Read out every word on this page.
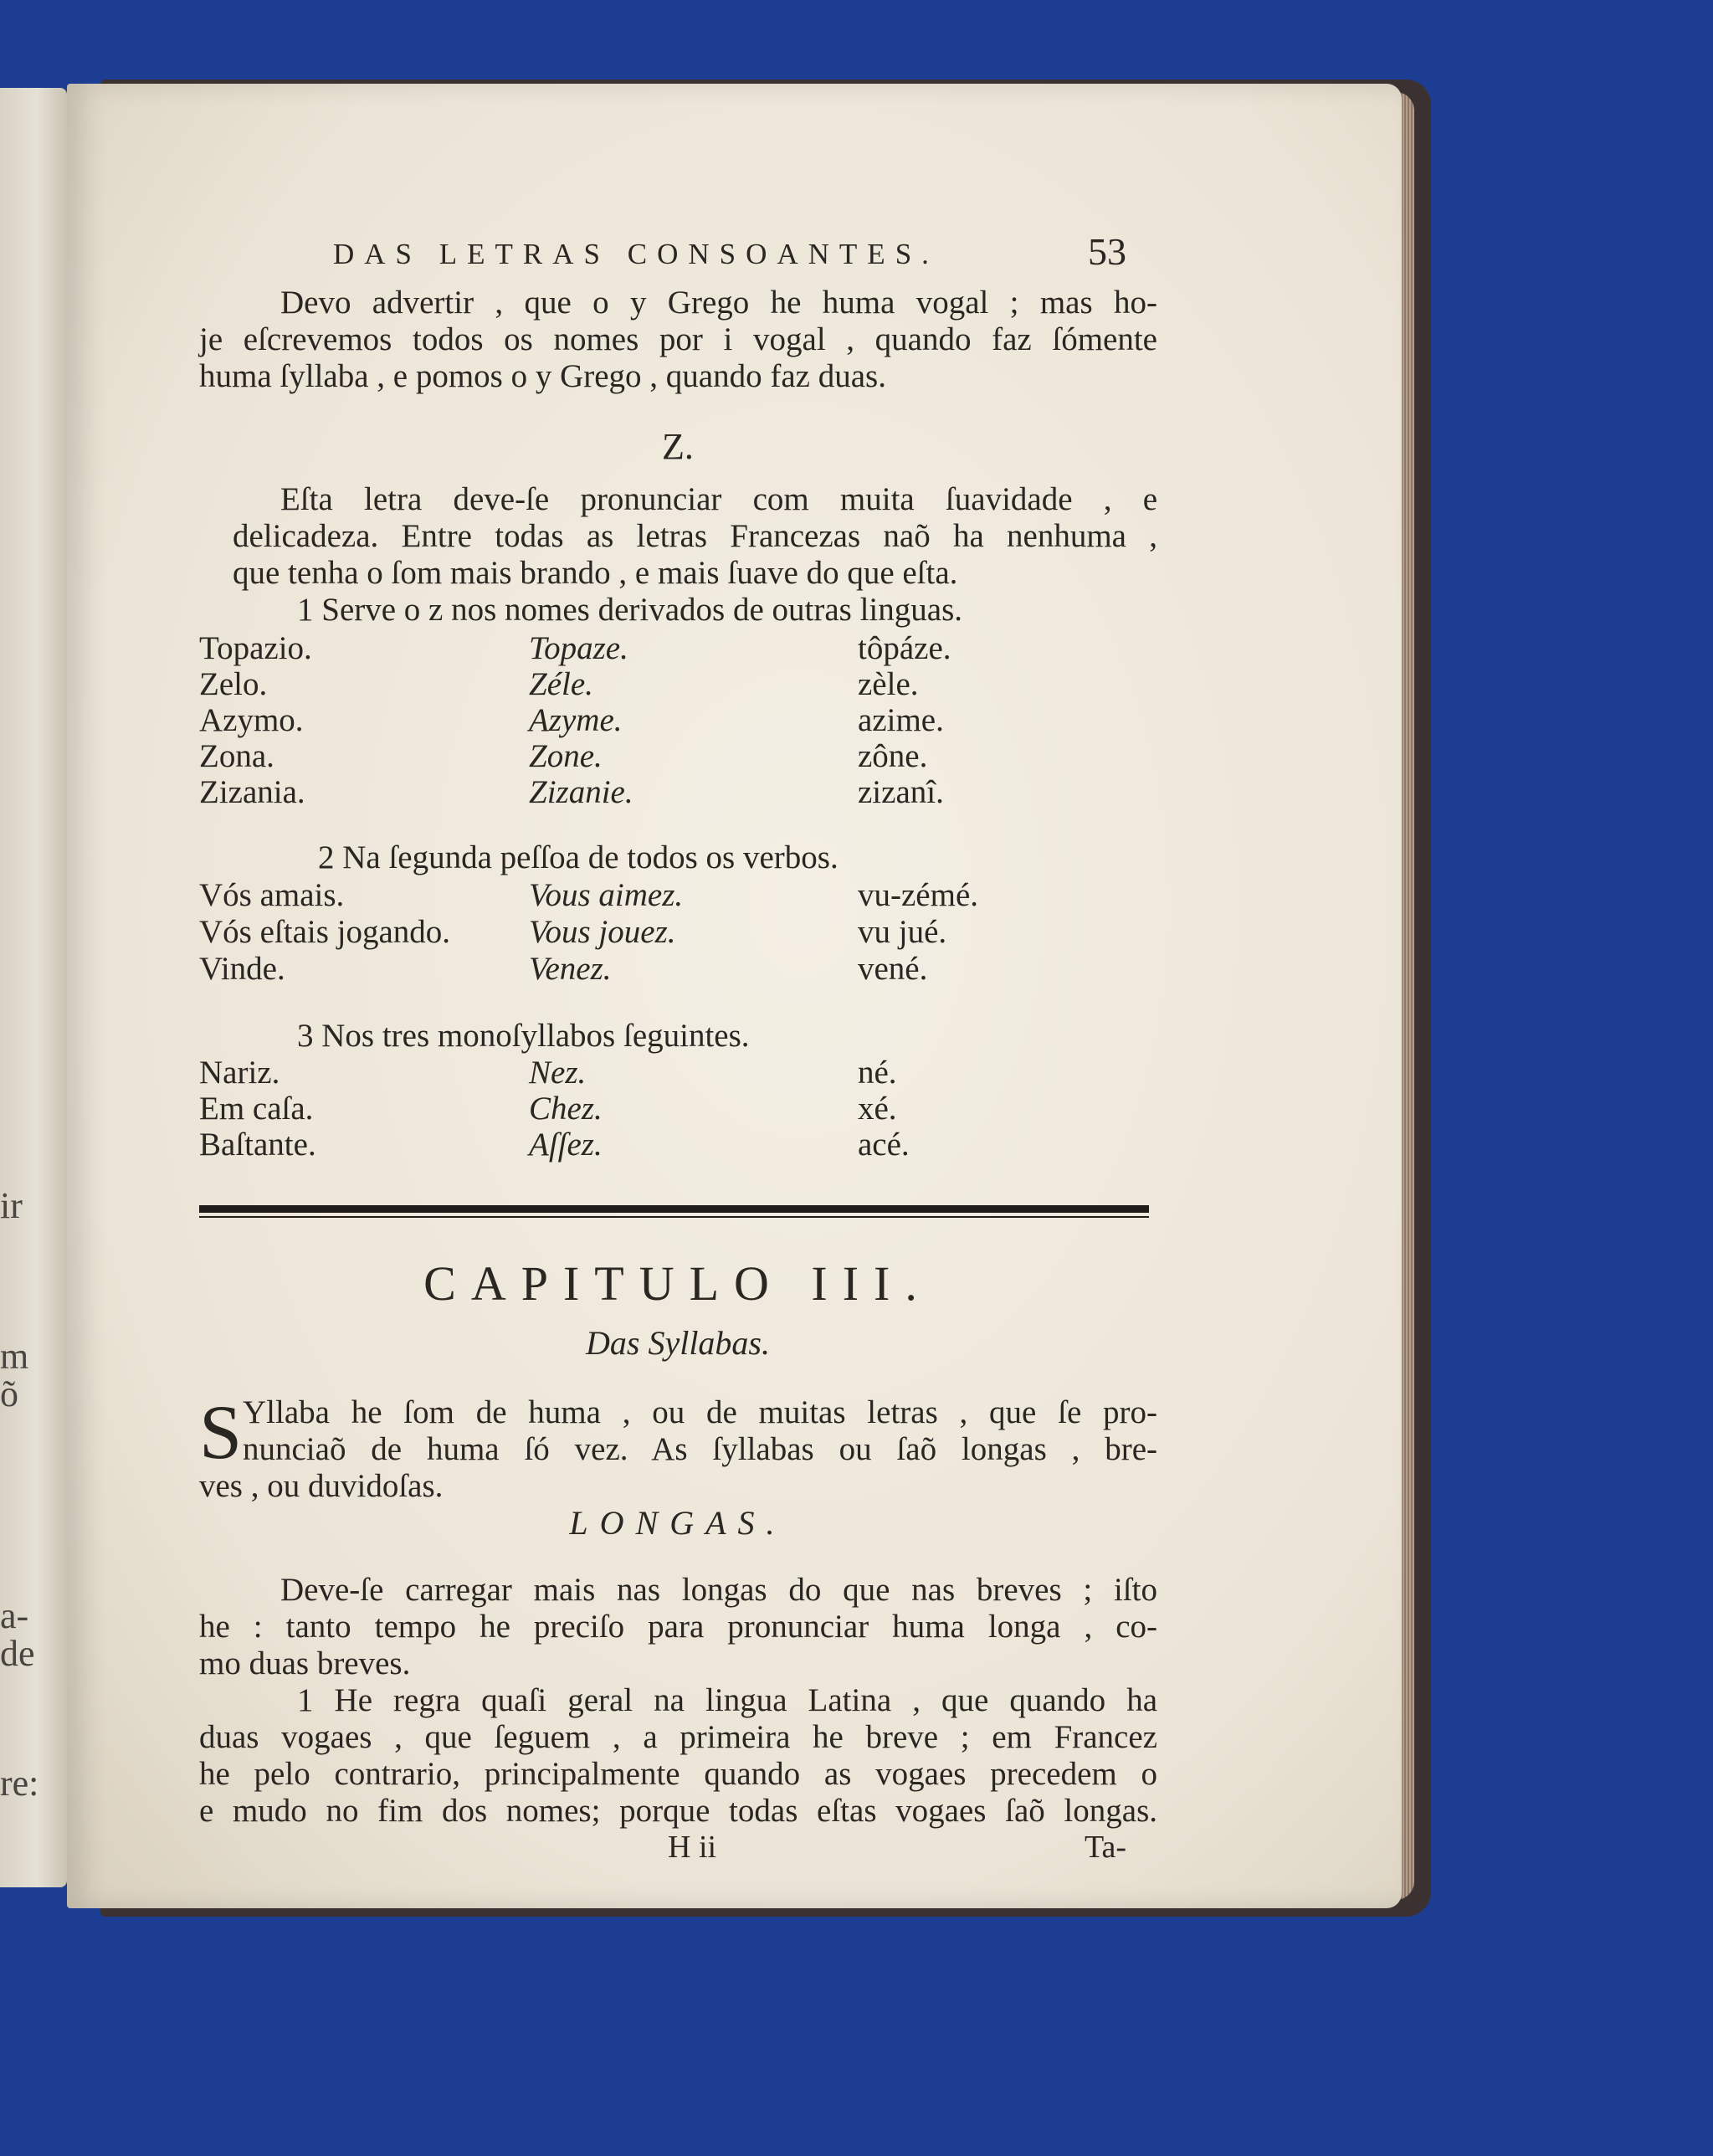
ir
m
õ
a-
de
re:
DAS LETRAS CONSOANTES.	53
Devo advertir , que o y Grego he huma vogal ; mas ho-
je eſcrevemos todos os nomes por i vogal , quando faz ſómente
huma ſyllaba , e pomos o y Grego , quando faz duas.
Z.
Eſta letra deve-ſe pronunciar com muita ſuavidade , e
delicadeza. Entre todas as letras Francezas naõ ha nenhuma ,
que tenha o ſom mais brando , e mais ſuave do que eſta.
1 Serve o z nos nomes derivados de outras linguas.
Topazio.	Topaze.	tôpáze.
Zelo.	Zéle.	zèle.
Azymo.	Azyme.	azime.
Zona.	Zone.	zône.
Zizania.	Zizanie.	zizanî.
2 Na ſegunda peſſoa de todos os verbos.
Vós amais.	Vous aimez.	vu-zémé.
Vós eſtais jogando. Vous jouez.	vu jué.
Vinde.	Venez.	vené.
3 Nos tres monoſyllabos ſeguintes.
Nariz.	Nez.	né.
Em caſa.	Chez.	xé.
Baſtante.	Aſſez.	acé.
CAPITULO III.
Das Syllabas.
S Yllaba he ſom de huma , ou de muitas letras , que ſe pro-
nunciaõ de huma ſó vez. As ſyllabas ou ſaõ longas , bre-
ves , ou duvidoſas.
LONGAS.
Deve-ſe carregar mais nas longas do que nas breves ; iſto
he : tanto tempo he preciſo para pronunciar huma longa , co-
mo duas breves.
1 He regra quaſi geral na lingua Latina , que quando ha
duas vogaes , que ſeguem , a primeira he breve ; em Francez
he pelo contrario, principalmente quando as vogaes precedem o
e mudo no fim dos nomes; porque todas eſtas vogaes ſaõ longas.
H ii	Ta-
